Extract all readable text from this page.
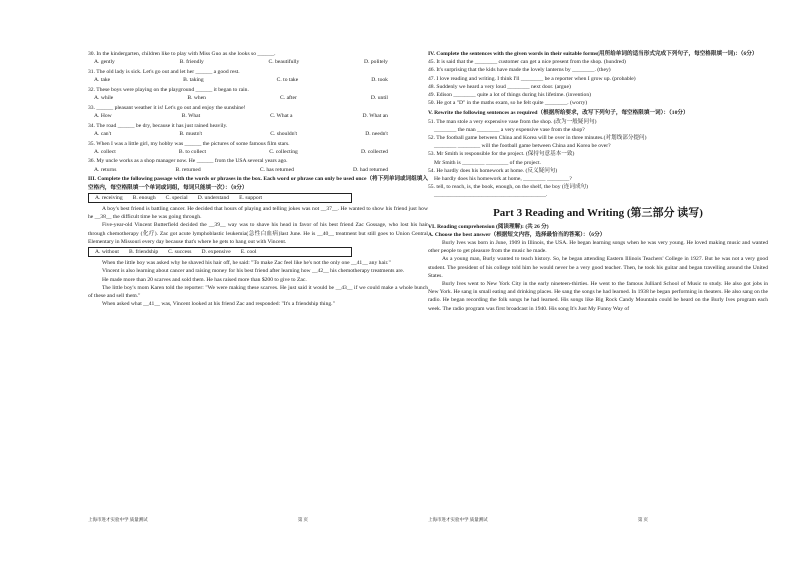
30. In the kindergarten, children like to play with Miss Guo as she looks so ______.

A. gently	B. friendly	C. beautifully	D. politely

31. The old lady is sick. Let's go out and let her ______ a good rest.

A. take	B. taking	C. to take	D. took

32. These boys were playing on the playground ______ it began to rain.

A. while	B. when	C. after	D. until

33. ______ pleasant weather it is! Let's go out and enjoy the sunshine!

A. How	B. What	C. What a	D. What an

34. The road ______ be dry, because it has just rained heavily.

A. can't	B. mustn't	C. shouldn't	D. needn't

35. When I was a little girl, my hobby was ______ the pictures of some famous film stars.

A. collect	B. to collect	C. collecting	D. collected

36. My uncle works as a shop manager now. He ______ from the USA several years ago.

A. returns	B. returned	C. has returned	D. had returned

III. Complete the following passage with the words or phrases in the box. Each word or phrase can only be used once（将下列单词或词组填入空格内，每空格限填一个单词或词组，每词只能填一次）：（8分）

A. receiving B. enough C. special D. understand E. support

A boy's best friend is battling cancer. He decided that hours of playing and telling jokes was not __37__. He wanted to show his friend just how he __38__ the difficult time he was going through.

Five-year-old Vincent Butterfield decided the __39__ way was to shave his head in favor of his best friend Zac Gossage, who lost his hair through chemotherapy (化疗). Zac got acute lymphoblastic leukemia(急性白血病)last June. He is __40__ treatment but still goes to Union Central Elementary in Missouri every day because that's where he gets to hang out with Vincent.

A. without B. friendship C. success D. expensive E. cool

When the little boy was asked why he shaved his hair off, he said: "To make Zac feel like he's not the only one __41__ any hair."

Vincent is also learning about cancer and raising money for his best friend after learning how __42__ his chemotherapy treatments are.

He made more than 20 scarves and sold them. He has raised more than $200 to give to Zac.

The little boy's mom Karen told the reporter: "We were making these scarves. He just said it would be __43__ if we could make a whole bunch of these and sell them."

When asked what __41__ was, Vincent looked at his friend Zac and responded: "It's a friendship thing."

上海市进才实验中学 质量测试	第 页

IV. Complete the sentences with the given words in their suitable forms(用所给单词的适当形式完成下列句子，每空格限填一词)：（6分）

45. It is said that the ________ customer can get a nice present from the shop. (hundred)

46. It's surprising that the kids have made the lovely lanterns by ________. (they)

47. I love reading and writing. I think I'll ________ be a reporter when I grow up. (probable)

48. Suddenly we heard a very loud ________ next door. (argue)

49. Edison ________ quite a lot of things during his lifetime. (invention)

50. He got a "D" in the maths exam, so he felt quite ________. (worry)

V. Rewrite the following sentences as required（根据所给要求，改写下列句子，每空格限填一词）：（10分）

51. The man stole a very expensive vase from the shop. (改为一般疑问句)

________ the man ________ a very expensive vase from the shop?

52. The football game between China and Korea will be over in three minutes.(对划线部分提问)

________ ________ will the football game between China and Korea be over?

53. Mr Smith is responsible for the project. (保持句意基本一致)

Mr Smith is ________ ________ of the project.

54. He hardly does his homework at home. (反义疑问句)

He hardly does his homework at home, ________ ________?

55. tell, to reach, is, the book, enough, on the shelf, the boy (连词成句)

________________________________________.

Part 3 Reading and Writing (第三部分 读写)

VI. Reading comprehension (阅读理解): (共 26 分)

A. Choose the best answer（根据短文内容，选择最恰当的答案）：（6分）

Burly Ives was born in June, 1909 in Illinois, the USA. He began learning songs when he was very young. He loved making music and wanted other people to get pleasure from the music he made.

As a young man, Burly wanted to teach history. So, he began attending Eastern Illinois Teachers' College in 1927. But he was not a very good student. The president of his college told him he would never be a very good teacher. Then, he took his guitar and began travelling around the United States.

Burly Ives went to New York City in the early nineteen-thirties. He went to the famous Julliard School of Music to study. He also got jobs in New York. He sang in small eating and drinking places. He sang the songs he had learned. In 1938 he began performing in theaters. He also sang on the radio. He began recording the folk songs he had learned. His songs like Big Rock Candy Mountain could be heard on the Burly Ives program each week. The radio program was first broadcast in 1940. His song It's Just My Funny Way of

上海市进才实验中学 质量测试	第 页
